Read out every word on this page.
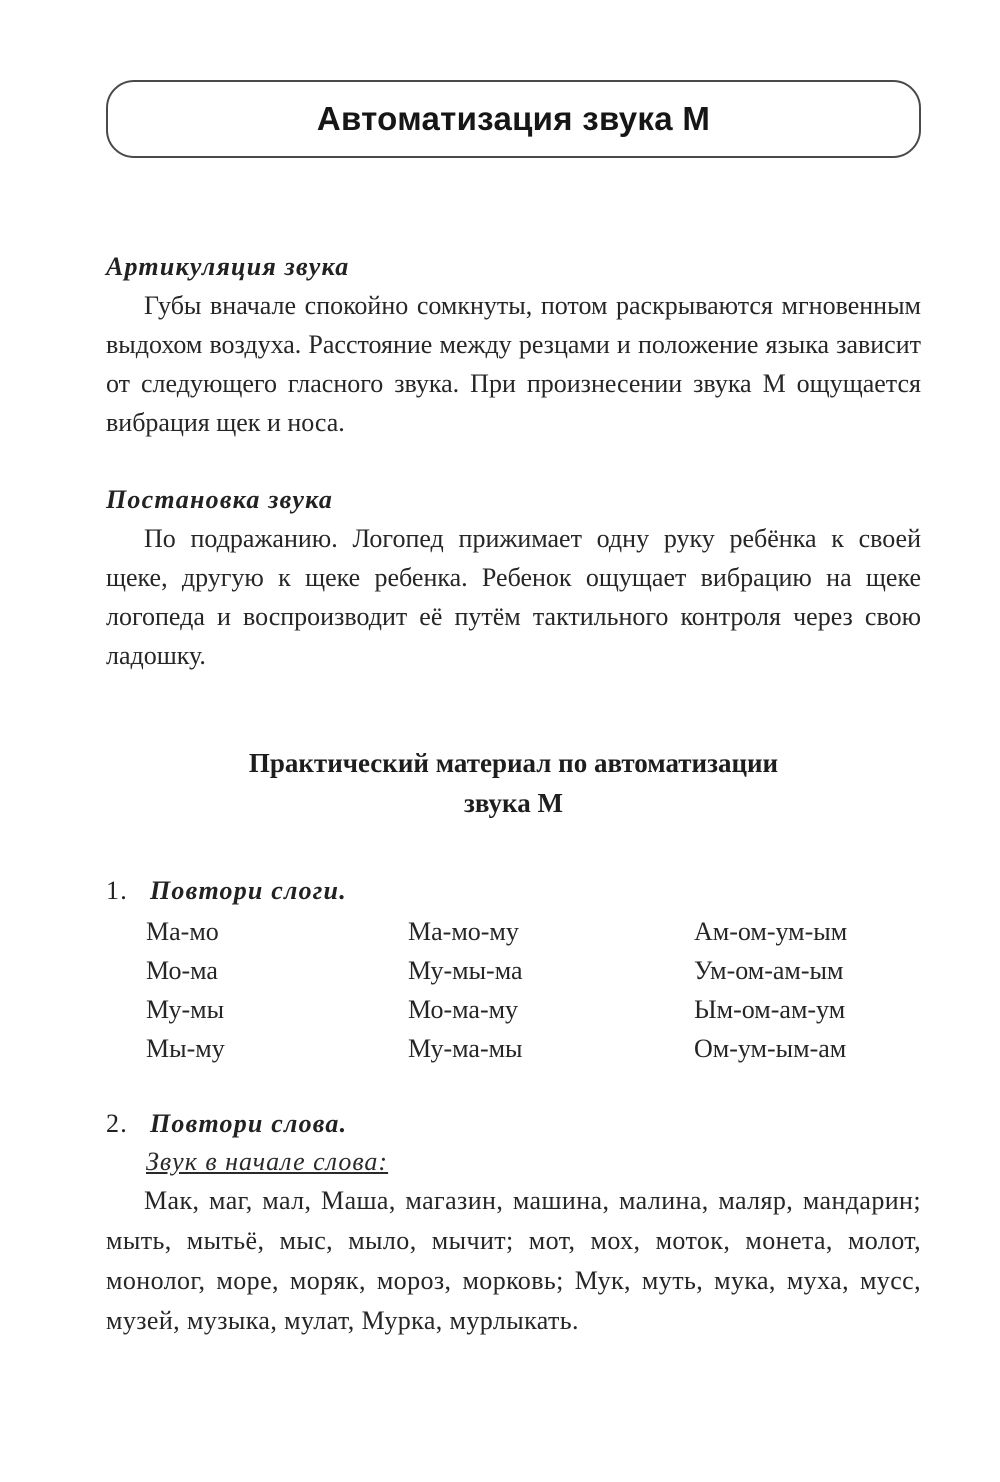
Автоматизация звука М
Артикуляция звука

Губы вначале спокойно сомкнуты, потом раскрываются мгновенным выдохом воздуха. Расстояние между резцами и положение языка зависит от следующего гласного звука. При произнесении звука М ощущается вибрация щек и носа.

Постановка звука

По подражанию. Логопед прижимает одну руку ребёнка к своей щеке, другую к щеке ребенка. Ребенок ощущает вибрацию на щеке логопеда и воспроизводит её путём тактильного контроля через свою ладошку.

Практический материал по автоматизации
звука М
1. Повтори слоги.
Ма-мо	Ма-мо-му	Ам-ом-ум-ым
Мо-ма	Му-мы-ма	Ум-ом-ам-ым
Му-мы	Мо-ма-му	Ым-ом-ам-ум
Мы-му	Му-ма-мы	Ом-ум-ым-ам
2. Повтори слова.
Звук в начале слова:

Мак, маг, мал, Маша, магазин, машина, малина, маляр, мандарин; мыть, мытьё, мыс, мыло, мычит; мот, мох, моток, монета, молот, монолог, море, моряк, мороз, морковь; Мук, муть, мука, муха, мусс, музей, музыка, мулат, Мурка, мурлыкать.
